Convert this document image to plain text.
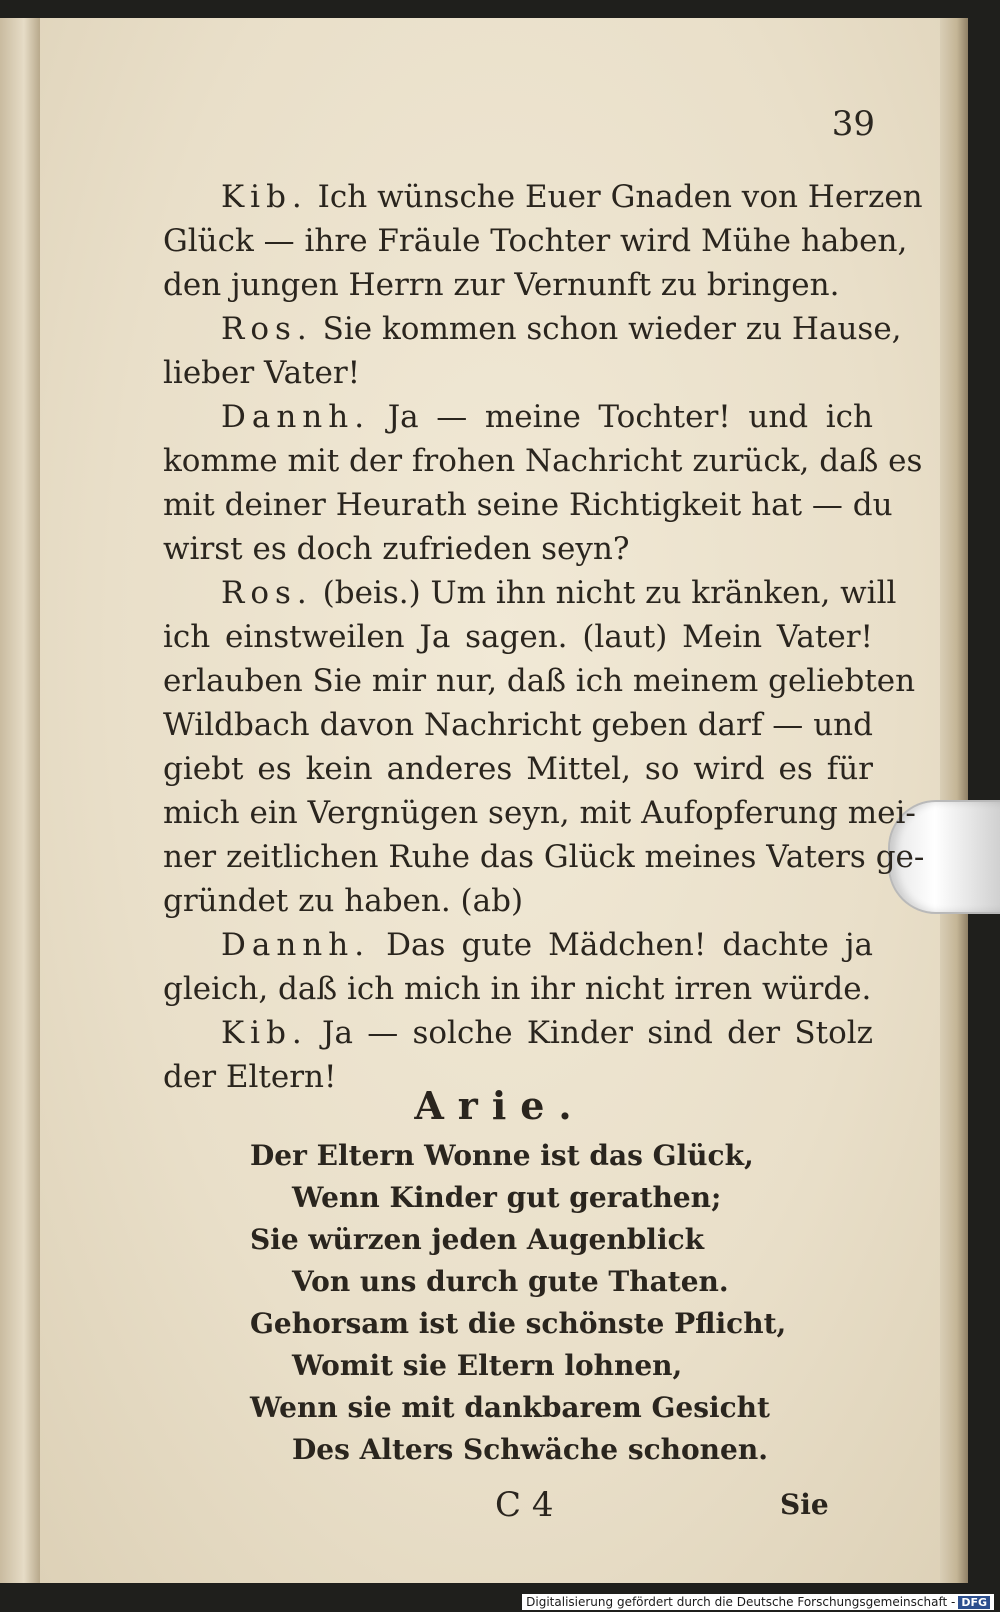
39
Kib. Ich wünsche Euer Gnaden von Herzen
Glück — ihre Fräule Tochter wird Mühe haben,
den jungen Herrn zur Vernunft zu bringen.
Ros. Sie kommen schon wieder zu Hause,
lieber Vater!
Dannh. Ja — meine Tochter! und ich
komme mit der frohen Nachricht zurück, daß es
mit deiner Heurath seine Richtigkeit hat — du
wirst es doch zufrieden seyn?
Ros. (beis.) Um ihn nicht zu kränken, will
ich einstweilen Ja sagen. (laut) Mein Vater!
erlauben Sie mir nur, daß ich meinem geliebten
Wildbach davon Nachricht geben darf — und
giebt es kein anderes Mittel, so wird es für
mich ein Vergnügen seyn, mit Aufopferung mei-
ner zeitlichen Ruhe das Glück meines Vaters ge-
gründet zu haben. (ab)
Dannh. Das gute Mädchen! dachte ja
gleich, daß ich mich in ihr nicht irren würde.
Kib. Ja — solche Kinder sind der Stolz
der Eltern!
Arie.
Der Eltern Wonne ist das Glück,
Wenn Kinder gut gerathen;
Sie würzen jeden Augenblick
Von uns durch gute Thaten.
Gehorsam ist die schönste Pflicht,
Womit sie Eltern lohnen,
Wenn sie mit dankbarem Gesicht
Des Alters Schwäche schonen.
C 4	Sie
Digitalisierung gefördert durch die Deutsche Forschungsgemeinschaft - DFG
